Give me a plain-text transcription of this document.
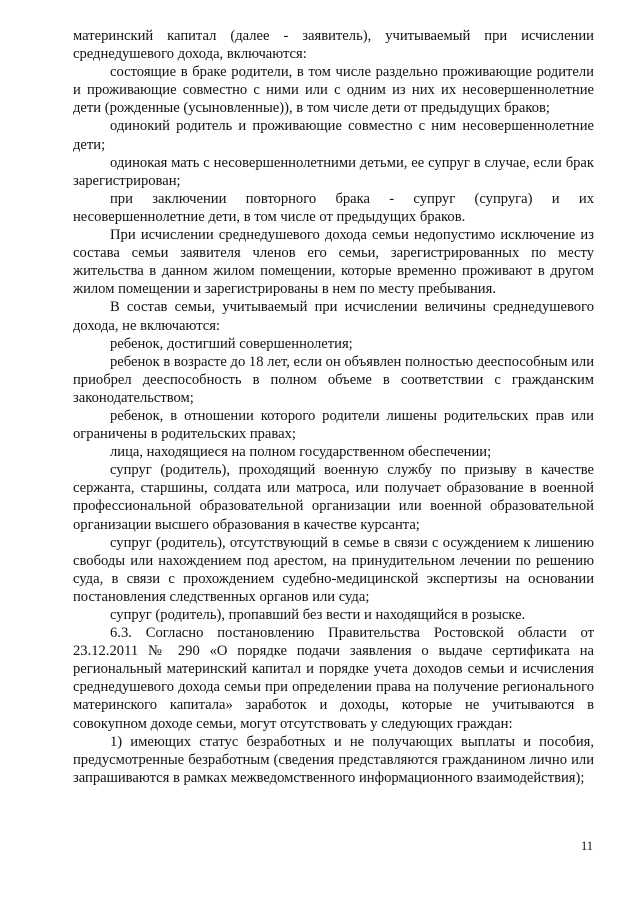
материнский капитал (далее - заявитель), учитываемый при исчислении среднедушевого дохода, включаются:

состоящие в браке родители, в том числе раздельно проживающие родители и проживающие совместно с ними или с одним из них их несовершеннолетние дети (рожденные (усыновленные)), в том числе дети от предыдущих браков;

одинокий родитель и проживающие совместно с ним несовершеннолетние дети;

одинокая мать с несовершеннолетними детьми, ее супруг в случае, если брак зарегистрирован;

при заключении повторного брака - супруг (супруга) и их несовершеннолетние дети, в том числе от предыдущих браков.

При исчислении среднедушевого дохода семьи недопустимо исключение из состава семьи заявителя членов его семьи, зарегистрированных по месту жительства в данном жилом помещении, которые временно проживают в другом жилом помещении и зарегистрированы в нем по месту пребывания.

В состав семьи, учитываемый при исчислении величины среднедушевого дохода, не включаются:

ребенок, достигший совершеннолетия;

ребенок в возрасте до 18 лет, если он объявлен полностью дееспособным или приобрел дееспособность в полном объеме в соответствии с гражданским законодательством;

ребенок, в отношении которого родители лишены родительских прав или ограничены в родительских правах;

лица, находящиеся на полном государственном обеспечении;

супруг (родитель), проходящий военную службу по призыву в качестве сержанта, старшины, солдата или матроса, или получает образование в военной профессиональной образовательной организации или военной образовательной организации высшего образования в качестве курсанта;

супруг (родитель), отсутствующий в семье в связи с осуждением к лишению свободы или нахождением под арестом, на принудительном лечении по решению суда, в связи с прохождением судебно-медицинской экспертизы на основании постановления следственных органов или суда;

супруг (родитель), пропавший без вести и находящийся в розыске.

6.3. Согласно постановлению Правительства Ростовской области от 23.12.2011 № 290 «О порядке подачи заявления о выдаче сертификата на региональный материнский капитал и порядке учета доходов семьи и исчисления среднедушевого дохода семьи при определении права на получение регионального материнского капитала» заработок и доходы, которые не учитываются в совокупном доходе семьи, могут отсутствовать у следующих граждан:

1) имеющих статус безработных и не получающих выплаты и пособия, предусмотренные безработным (сведения представляются гражданином лично или запрашиваются в рамках межведомственного информационного взаимодействия);

11
